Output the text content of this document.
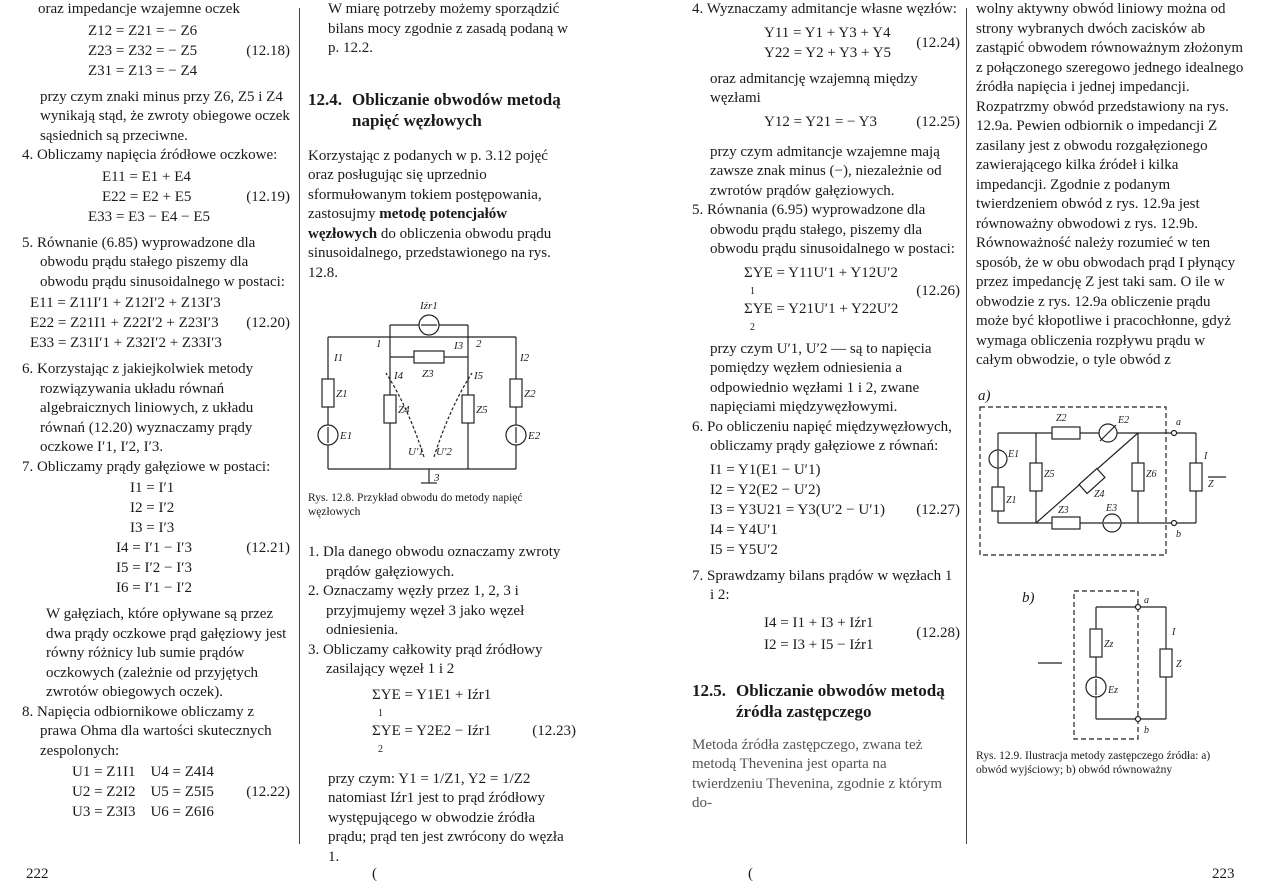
oraz impedancje wzajemne oczek

Z12 = Z21 = − Z6
Z23 = Z32 = − Z5
Z31 = Z13 = − Z4
(12.18)

przy czym znaki minus przy Z6, Z5 i Z4 wynikają stąd, że zwroty obiegowe oczek sąsiednich są przeciwne.

4. Obliczamy napięcia źródłowe oczkowe:

E11 = E1 + E4
E22 = E2 + E5
E33 = E3 − E4 − E5
(12.19)

5. Równanie (6.85) wyprowadzone dla obwodu prądu stałego piszemy dla obwodu prądu sinusoidalnego w postaci:

E11 = Z11I′1 + Z12I′2 + Z13I′3
E22 = Z21I1 + Z22I′2 + Z23I′3
E33 = Z31I′1 + Z32I′2 + Z33I′3
(12.20)

6. Korzystając z jakiejkolwiek metody rozwiązywania układu równań algebraicznych liniowych, z układu równań (12.20) wyznaczamy prądy oczkowe I′1, I′2, I′3.

7. Obliczamy prądy gałęziowe w postaci:

I1 = I′1
I2 = I′2
I3 = I′3
I4 = I′1 − I′3
I5 = I′2 − I′3
I6 = I′1 − I′2
(12.21)

W gałęziach, które opływane są przez dwa prądy oczkowe prąd gałęziowy jest równy różnicy lub sumie prądów oczkowych (zależnie od przyjętych zwrotów obiegowych oczek).

8. Napięcia odbiornikowe obliczamy z prawa Ohma dla wartości skutecznych zespolonych:

U1 = Z1I1    U4 = Z4I4
U2 = Z2I2    U5 = Z5I5
U3 = Z3I3    U6 = Z6I6
(12.22)

W miarę potrzeby możemy sporządzić bilans mocy zgodnie z zasadą podaną w p. 12.2.

12.4. Obliczanie obwodów metodą napięć węzłowych

Korzystając z podanych w p. 3.12 pojęć oraz posługując się uprzednio sformułowanym tokiem postępowania, zastosujmy metodę potencjałów węzłowych do obliczenia obwodu prądu sinusoidalnego, przedstawionego na rys. 12.8.

Iźr1
I3
Z3
I1
I4	I5
I2
Z1
Z4	Z5
Z2
E1
U′1 U′2
E2
1	2
3

Rys. 12.8. Przykład obwodu do metody napięć węzłowych

1. Dla danego obwodu oznaczamy zwroty prądów gałęziowych.

2. Oznaczamy węzły przez 1, 2, 3 i przyjmujemy węzeł 3 jako węzeł odniesienia.

3. Obliczamy całkowity prąd źródłowy zasilający węzeł 1 i 2

ΣYE = Y1E1 + Iźr1
1
ΣYE = Y2E2 − Iźr1
2
(12.23)

przy czym: Y1 = 1/Z1, Y2 = 1/Z2 natomiast Iźr1 jest to prąd źródłowy występującego w obwodzie źródła prądu; prąd ten jest zwrócony do węzła 1.

4. Wyznaczamy admitancje własne węzłów:

Y11 = Y1 + Y3 + Y4
Y22 = Y2 + Y3 + Y5
(12.24)

oraz admitancję wzajemną między węzłami

Y12 = Y21 = − Y3	(12.25)

przy czym admitancje wzajemne mają zawsze znak minus (−), niezależnie od zwrotów prądów gałęziowych.

5. Równania (6.95) wyprowadzone dla obwodu prądu stałego, piszemy dla obwodu prądu sinusoidalnego w postaci:

ΣYE = Y11U′1 + Y12U′2
1
ΣYE = Y21U′1 + Y22U′2
2
(12.26)

przy czym U′1, U′2 — są to napięcia pomiędzy węzłem odniesienia a odpowiednio węzłami 1 i 2, zwane napięciami międzywęzłowymi.

6. Po obliczeniu napięć międzywęzłowych, obliczamy prądy gałęziowe z równań:

I1 = Y1(E1 − U′1)
I2 = Y2(E2 − U′2)
I3 = Y3U21 = Y3(U′2 − U′1)
I4 = Y4U′1
I5 = Y5U′2
(12.27)

7. Sprawdzamy bilans prądów w węzłach 1 i 2:

I4 = I1 + I3 + Iźr1
I2 = I3 + I5 − Iźr1
(12.28)
12.5. Obliczanie obwodów metodą źródła zastępczego

Metoda źródła zastępczego, zwana też metodą Thevenina jest oparta na twierdzeniu Thevenina, zgodnie z którym do-

wolny aktywny obwód liniowy można od strony wybranych dwóch zacisków ab zastąpić obwodem równoważnym złożonym z połączonego szeregowo jednego idealnego źródła napięcia i jednej impedancji.

Rozpatrzmy obwód przedstawiony na rys. 12.9a. Pewien odbiornik o impedancji Z zasilany jest z obwodu rozgałęzionego zawierającego kilka źródeł i kilka impedancji. Zgodnie z podanym twierdzeniem obwód z rys. 12.9a jest równoważny obwodowi z rys. 12.9b. Równoważność należy rozumieć w ten sposób, że w obu obwodach prąd I płynący przez impedancję Z jest taki sam. O ile w obwodzie z rys. 12.9a obliczenie prądu może być kłopotliwe i pracochłonne, gdyż wymaga obliczenia rozpływu prądu w całym obwodzie, o tyle obwód z

a)
Z2	E2	a
E1
Z5
Z4
Z6
I
Z
Z1
Z3	E3
b
b)	a
Zz
I
Z
Ez
b

Rys. 12.9. Ilustracja metody zastępczego źródła: a) obwód wyjściowy; b) obwód równoważny

222	(	(	223
